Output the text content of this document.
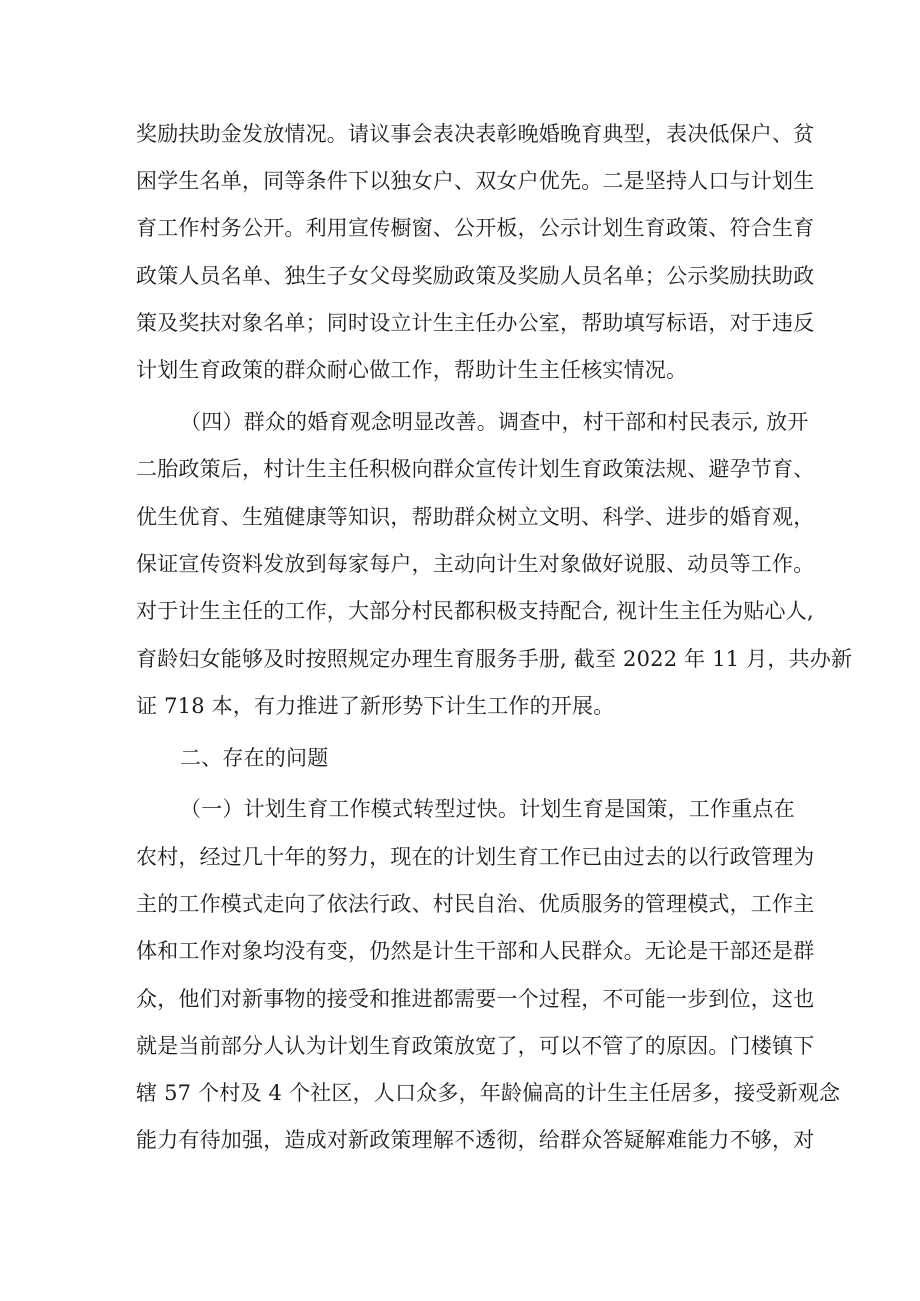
奖励扶助金发放情况。请议事会表决表彰晚婚晚育典型，表决低保户、贫
困学生名单，同等条件下以独女户、双女户优先。二是坚持人口与计划生
育工作村务公开。利用宣传橱窗、公开板，公示计划生育政策、符合生育
政策人员名单、独生子女父母奖励政策及奖励人员名单；公示奖励扶助政
策及奖扶对象名单；同时设立计生主任办公室，帮助填写标语，对于违反
计划生育政策的群众耐心做工作，帮助计生主任核实情况。
（四）群众的婚育观念明显改善。调查中，村干部和村民表示, 放开
二胎政策后，村计生主任积极向群众宣传计划生育政策法规、避孕节育、
优生优育、生殖健康等知识，帮助群众树立文明、科学、进步的婚育观，
保证宣传资料发放到每家每户，主动向计生对象做好说服、动员等工作。
对于计生主任的工作，大部分村民都积极支持配合, 视计生主任为贴心人,
育龄妇女能够及时按照规定办理生育服务手册, 截至 2022 年 11 月，共办新
证 718 本，有力推进了新形势下计生工作的开展。
二、存在的问题
（一）计划生育工作模式转型过快。计划生育是国策，工作重点在
农村，经过几十年的努力，现在的计划生育工作已由过去的以行政管理为
主的工作模式走向了依法行政、村民自治、优质服务的管理模式，工作主
体和工作对象均没有变，仍然是计生干部和人民群众。无论是干部还是群
众，他们对新事物的接受和推进都需要一个过程，不可能一步到位，这也
就是当前部分人认为计划生育政策放宽了，可以不管了的原因。门楼镇下
辖 57 个村及 4 个社区，人口众多，年龄偏高的计生主任居多，接受新观念
能力有待加强，造成对新政策理解不透彻，给群众答疑解难能力不够，对
